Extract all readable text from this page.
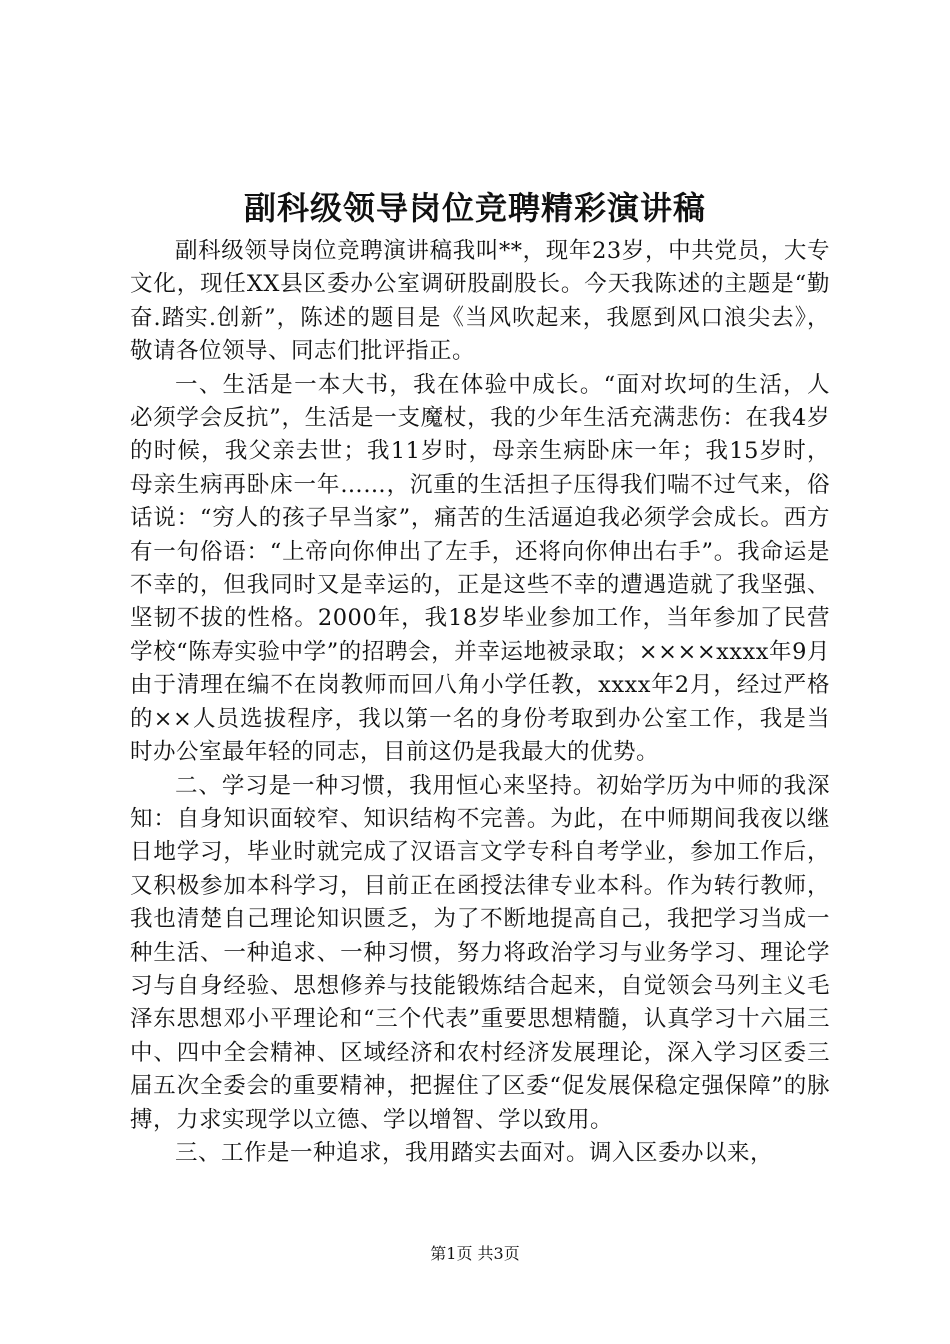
副科级领导岗位竞聘精彩演讲稿

副科级领导岗位竞聘演讲稿我叫**，现年23岁，中共党员，大专文化，现任XX县区委办公室调研股副股长。今天我陈述的主题是“勤奋.踏实.创新”，陈述的题目是《当风吹起来，我愿到风口浪尖去》，敬请各位领导、同志们批评指正。

一、生活是一本大书，我在体验中成长。“面对坎坷的生活，人必须学会反抗”，生活是一支魔杖，我的少年生活充满悲伤：在我4岁的时候，我父亲去世；我11岁时，母亲生病卧床一年；我15岁时，母亲生病再卧床一年……，沉重的生活担子压得我们喘不过气来，俗话说：“穷人的孩子早当家”，痛苦的生活逼迫我必须学会成长。西方有一句俗语：“上帝向你伸出了左手，还将向你伸出右手”。我命运是不幸的，但我同时又是幸运的，正是这些不幸的遭遇造就了我坚强、坚韧不拔的性格。2000年，我18岁毕业参加工作，当年参加了民营学校“陈寿实验中学”的招聘会，并幸运地被录取；××××xxxx年9月由于清理在编不在岗教师而回八角小学任教，xxxx年2月，经过严格的××人员选拔程序，我以第一名的身份考取到办公室工作，我是当时办公室最年轻的同志，目前这仍是我最大的优势。

二、学习是一种习惯，我用恒心来坚持。初始学历为中师的我深知：自身知识面较窄、知识结构不完善。为此，在中师期间我夜以继日地学习，毕业时就完成了汉语言文学专科自考学业，参加工作后，又积极参加本科学习，目前正在函授法律专业本科。作为转行教师，我也清楚自己理论知识匮乏，为了不断地提高自己，我把学习当成一种生活、一种追求、一种习惯，努力将政治学习与业务学习、理论学习与自身经验、思想修养与技能锻炼结合起来，自觉领会马列主义毛泽东思想邓小平理论和“三个代表”重要思想精髓，认真学习十六届三中、四中全会精神、区域经济和农村经济发展理论，深入学习区委三届五次全委会的重要精神，把握住了区委“促发展保稳定强保障”的脉搏，力求实现学以立德、学以增智、学以致用。

三、工作是一种追求，我用踏实去面对。调入区委办以来，

第1页 共3页
